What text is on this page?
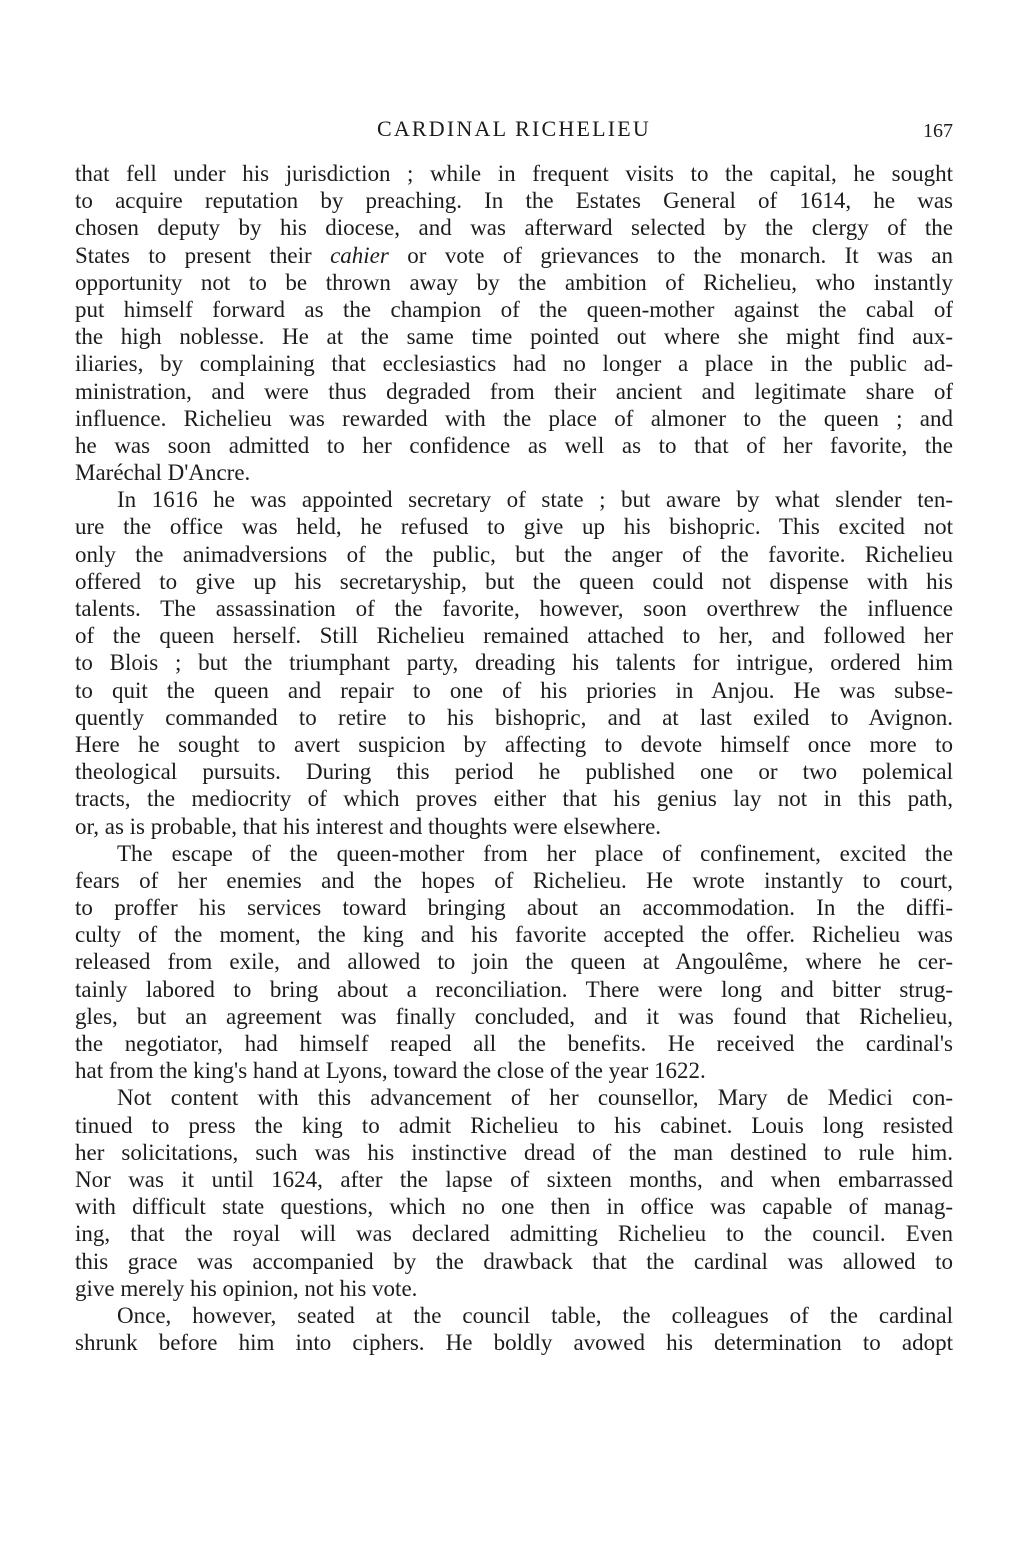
CARDINAL RICHELIEU	167
that fell under his jurisdiction ; while in frequent visits to the capital, he sought
to acquire reputation by preaching. In the Estates General of 1614, he was
chosen deputy by his diocese, and was afterward selected by the clergy of the
States to present their cahier or vote of grievances to the monarch. It was an
opportunity not to be thrown away by the ambition of Richelieu, who instantly
put himself forward as the champion of the queen-mother against the cabal of
the high noblesse. He at the same time pointed out where she might find aux-
iliaries, by complaining that ecclesiastics had no longer a place in the public ad-
ministration, and were thus degraded from their ancient and legitimate share of
influence. Richelieu was rewarded with the place of almoner to the queen ; and
he was soon admitted to her confidence as well as to that of her favorite, the
Maréchal D'Ancre.
In 1616 he was appointed secretary of state ; but aware by what slender ten-
ure the office was held, he refused to give up his bishopric. This excited not
only the animadversions of the public, but the anger of the favorite. Richelieu
offered to give up his secretaryship, but the queen could not dispense with his
talents. The assassination of the favorite, however, soon overthrew the influence
of the queen herself. Still Richelieu remained attached to her, and followed her
to Blois ; but the triumphant party, dreading his talents for intrigue, ordered him
to quit the queen and repair to one of his priories in Anjou. He was subse-
quently commanded to retire to his bishopric, and at last exiled to Avignon.
Here he sought to avert suspicion by affecting to devote himself once more to
theological pursuits. During this period he published one or two polemical
tracts, the mediocrity of which proves either that his genius lay not in this path,
or, as is probable, that his interest and thoughts were elsewhere.
The escape of the queen-mother from her place of confinement, excited the
fears of her enemies and the hopes of Richelieu. He wrote instantly to court,
to proffer his services toward bringing about an accommodation. In the diffi-
culty of the moment, the king and his favorite accepted the offer. Richelieu was
released from exile, and allowed to join the queen at Angoulême, where he cer-
tainly labored to bring about a reconciliation. There were long and bitter strug-
gles, but an agreement was finally concluded, and it was found that Richelieu,
the negotiator, had himself reaped all the benefits. He received the cardinal's
hat from the king's hand at Lyons, toward the close of the year 1622.
Not content with this advancement of her counsellor, Mary de Medici con-
tinued to press the king to admit Richelieu to his cabinet. Louis long resisted
her solicitations, such was his instinctive dread of the man destined to rule him.
Nor was it until 1624, after the lapse of sixteen months, and when embarrassed
with difficult state questions, which no one then in office was capable of manag-
ing, that the royal will was declared admitting Richelieu to the council. Even
this grace was accompanied by the drawback that the cardinal was allowed to
give merely his opinion, not his vote.
Once, however, seated at the council table, the colleagues of the cardinal
shrunk before him into ciphers. He boldly avowed his determination to adopt
